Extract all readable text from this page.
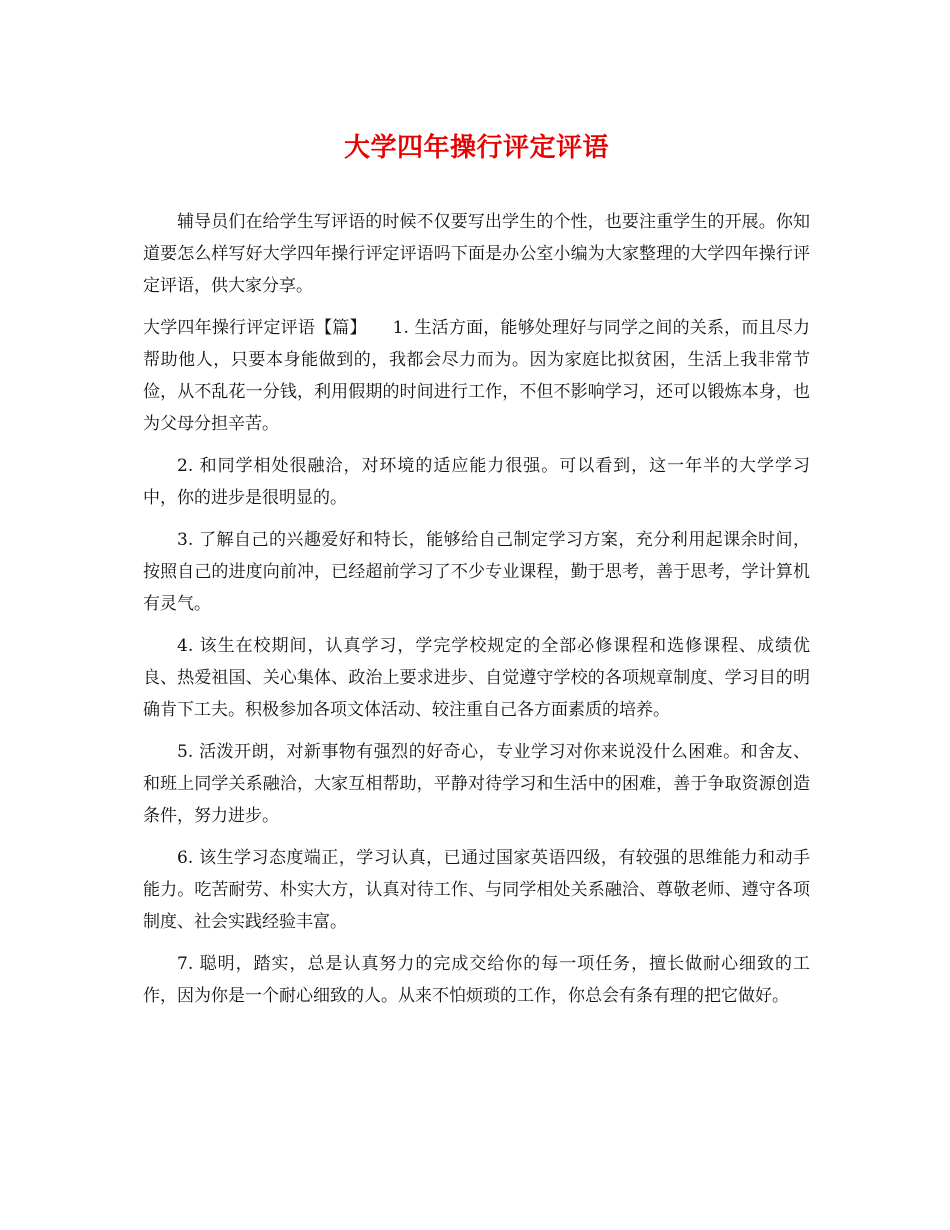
大学四年操行评定评语

辅导员们在给学生写评语的时候不仅要写出学生的个性，也要注重学生的开展。你知道要怎么样写好大学四年操行评定评语吗下面是办公室小编为大家整理的大学四年操行评定评语，供大家分享。

大学四年操行评定评语【篇】　　 1. 生活方面，能够处理好与同学之间的关系，而且尽力帮助他人，只要本身能做到的，我都会尽力而为。因为家庭比拟贫困，生活上我非常节俭，从不乱花一分钱，利用假期的时间进行工作，不但不影响学习，还可以锻炼本身，也为父母分担辛苦。

2. 和同学相处很融洽，对环境的适应能力很强。可以看到，这一年半的大学学习中，你的进步是很明显的。

3. 了解自己的兴趣爱好和特长，能够给自己制定学习方案，充分利用起课余时间，按照自己的进度向前冲，已经超前学习了不少专业课程，勤于思考，善于思考，学计算机有灵气。

4. 该生在校期间，认真学习，学完学校规定的全部必修课程和选修课程、成绩优良、热爱祖国、关心集体、政治上要求进步、自觉遵守学校的各项规章制度、学习目的明确肯下工夫。积极参加各项文体活动、较注重自己各方面素质的培养。

5. 活泼开朗，对新事物有强烈的好奇心，专业学习对你来说没什么困难。和舍友、和班上同学关系融洽，大家互相帮助，平静对待学习和生活中的困难，善于争取资源创造条件，努力进步。

6. 该生学习态度端正，学习认真，已通过国家英语四级，有较强的思维能力和动手能力。吃苦耐劳、朴实大方，认真对待工作、与同学相处关系融洽、尊敬老师、遵守各项制度、社会实践经验丰富。

7. 聪明，踏实，总是认真努力的完成交给你的每一项任务，擅长做耐心细致的工作，因为你是一个耐心细致的人。从来不怕烦琐的工作，你总会有条有理的把它做好。
